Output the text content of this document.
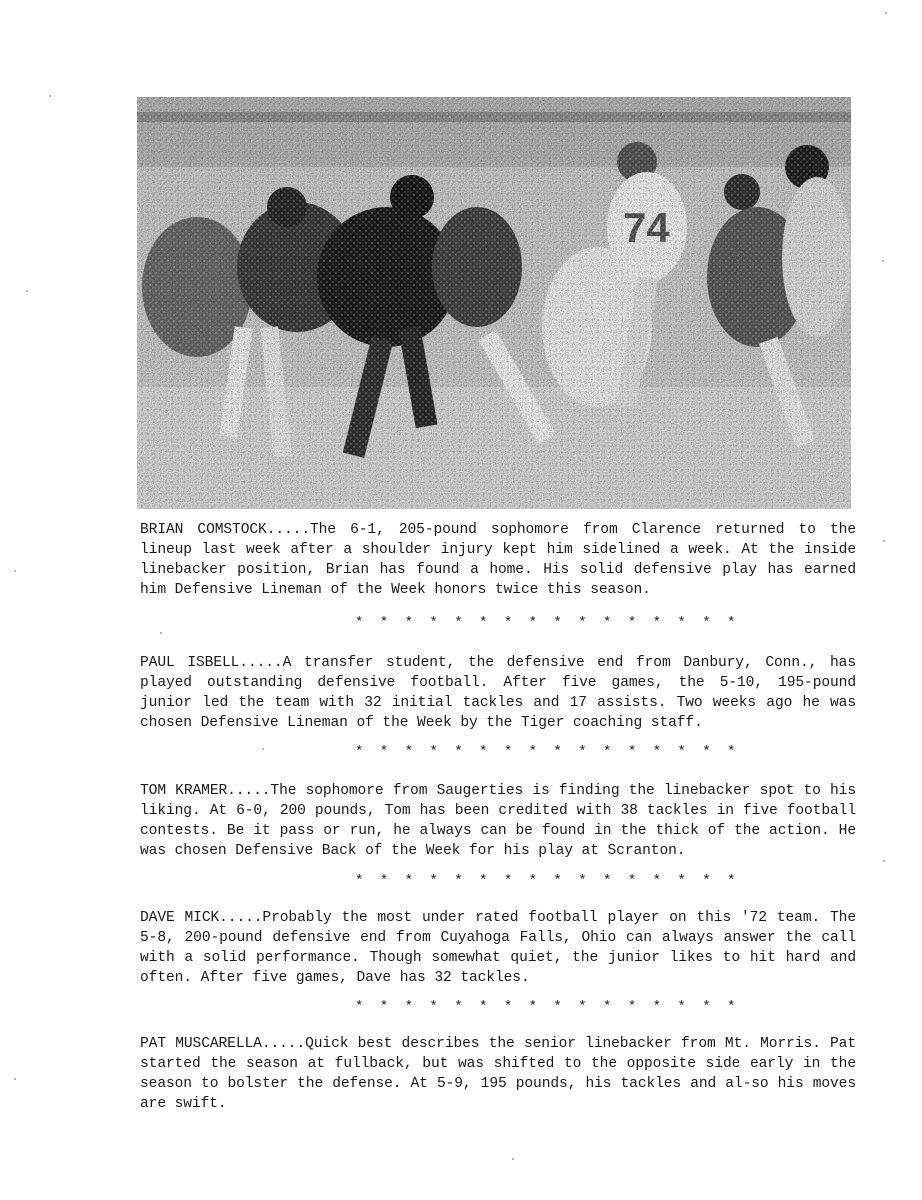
BRIAN COMSTOCK.....The 6-1, 205-pound sophomore from Clarence returned to the lineup last week after a shoulder injury kept him sidelined a week. At the inside linebacker position, Brian has found a home. His solid defensive play has earned him Defensive Lineman of the Week honors twice this season.

* * * * * * * * * * * * * * * *

PAUL ISBELL.....A transfer student, the defensive end from Danbury, Conn., has played outstanding defensive football. After five games, the 5-10, 195-pound junior led the team with 32 initial tackles and 17 assists. Two weeks ago he was chosen Defensive Lineman of the Week by the Tiger coaching staff.

* * * * * * * * * * * * * * * *

TOM KRAMER.....The sophomore from Saugerties is finding the linebacker spot to his liking. At 6-0, 200 pounds, Tom has been credited with 38 tackles in five football contests. Be it pass or run, he always can be found in the thick of the action. He was chosen Defensive Back of the Week for his play at Scranton.

* * * * * * * * * * * * * * * *

DAVE MICK.....Probably the most under rated football player on this '72 team. The 5-8, 200-pound defensive end from Cuyahoga Falls, Ohio can always answer the call with a solid performance. Though somewhat quiet, the junior likes to hit hard and often. After five games, Dave has 32 tackles.

* * * * * * * * * * * * * * * *

PAT MUSCARELLA.....Quick best describes the senior linebacker from Mt. Morris. Pat started the season at fullback, but was shifted to the opposite side early in the season to bolster the defense. At 5-9, 195 pounds, his tackles and al-so his moves are swift.
